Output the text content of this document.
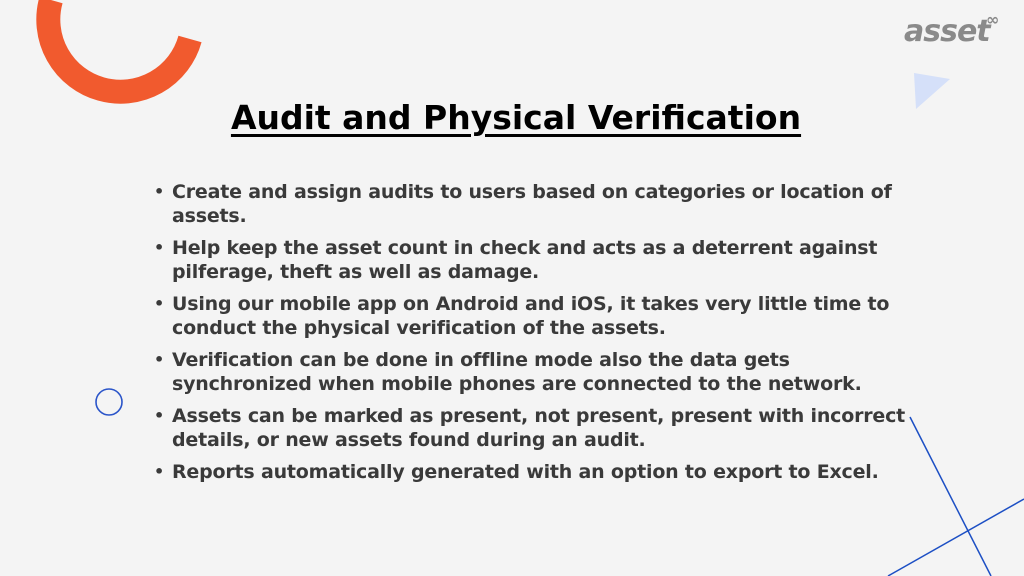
asset
∞
Audit and Physical Verification
• Create and assign audits to users based on categories or location of assets.
• Help keep the asset count in check and acts as a deterrent against pilferage, theft as well as damage.
• Using our mobile app on Android and iOS, it takes very little time to conduct the physical verification of the assets.
• Verification can be done in offline mode also the data gets synchronized when mobile phones are connected to the network.
• Assets can be marked as present, not present, present with incorrect details, or new assets found during an audit.
• Reports automatically generated with an option to export to Excel.
